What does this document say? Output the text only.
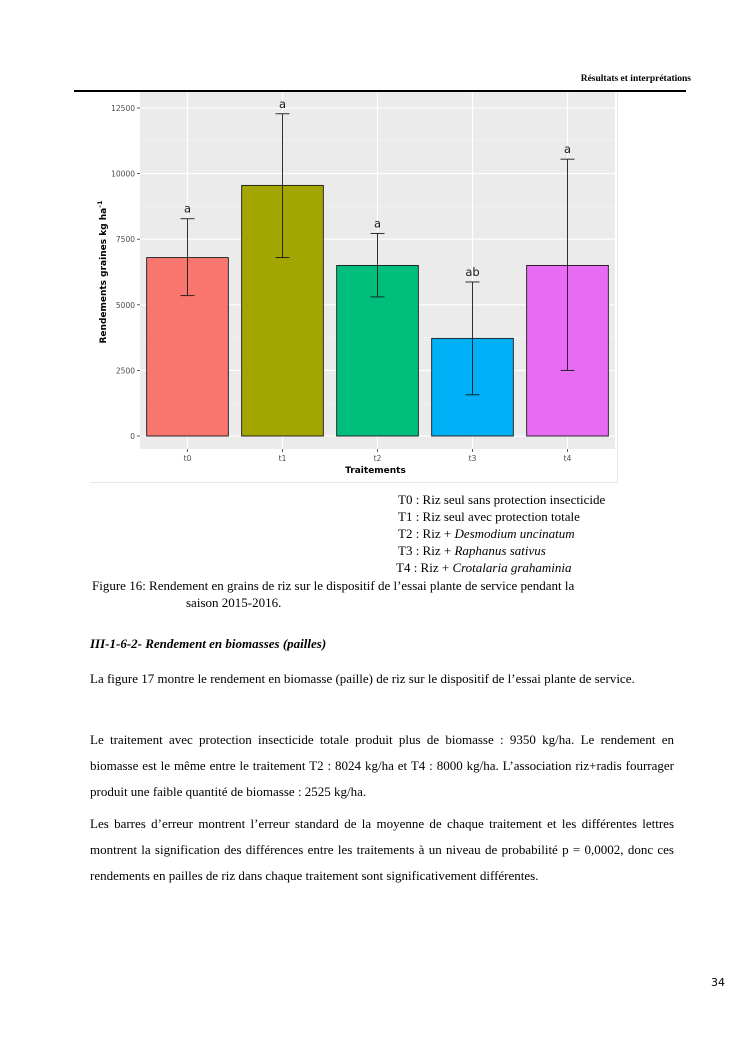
Résultats et interprétations
0
2500
5000
7500
10000
12500
a
t0
a
t1
a
t2
ab
t3
a
t4
Traitements
Rendements graines kg $ha^{-1}$
T0 : Riz seul sans protection insecticide
T1 : Riz seul avec protection totale
T2 : Riz + Desmodium uncinatum
T3 : Riz + Raphanus sativus
T4 : Riz + Crotalaria grahaminia
Figure 16: Rendement en grains de riz sur le dispositif de l’essai plante de service pendant la
saison 2015-2016.
III-1-6-2- Rendement en biomasses (pailles)
La figure 17 montre le rendement en biomasse (paille) de riz sur le dispositif de l’essai plante de service.
Le traitement avec protection insecticide totale produit plus de biomasse : 9350 kg/ha. Le rendement en biomasse est le même entre le traitement T2 : 8024 kg/ha et T4 : 8000 kg/ha. L’association riz+radis fourrager produit une faible quantité de biomasse : 2525 kg/ha.
Les barres d’erreur montrent l’erreur standard de la moyenne de chaque traitement et les différentes lettres montrent la signification des différences entre les traitements à un niveau de probabilité p = 0,0002, donc ces rendements en pailles de riz dans chaque traitement sont significativement différentes.
34
